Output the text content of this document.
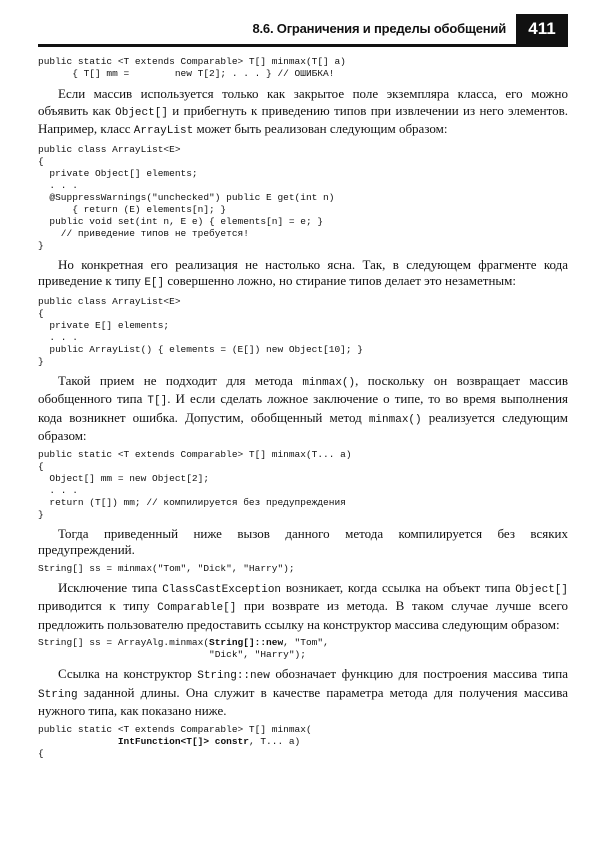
8.6. Ограничения и пределы обобщений	411
public static <T extends Comparable> T[] minmax(T[] a)
{ T[] mm =        new T[2]; . . . } // ОШИБКА!

Если массив используется только как закрытое поле экземпляра класса, его можно объявить как Object[] и прибегнуть к приведению типов при извлечении из него элементов. Например, класс ArrayList может быть реализован следующим образом:

public class ArrayList<E>
{
private Object[] elements;
. . .
@SuppressWarnings("unchecked") public E get(int n)
{ return (E) elements[n]; }
public void set(int n, E e) { elements[n] = e; }
// приведение типов не требуется!
}

Но конкретная его реализация не настолько ясна. Так, в следующем фрагменте кода приведение к типу E[] совершенно ложно, но стирание типов делает это незаметным:

public class ArrayList<E>
{
private E[] elements;
. . .
public ArrayList() { elements = (E[]) new Object[10]; }
}

Такой прием не подходит для метода minmax(), поскольку он возвращает массив обобщенного типа T[]. И если сделать ложное заключение о типе, то во время выполнения кода возникнет ошибка. Допустим, обобщенный метод minmax() реализуется следующим образом:

public static <T extends Comparable> T[] minmax(T... a)
{
Object[] mm = new Object[2];
. . .
return (T[]) mm; // компилируется без предупреждения
}

Тогда приведенный ниже вызов данного метода компилируется без всяких предупреждений.

String[] ss = minmax("Tom", "Dick", "Harry");

Исключение типа ClassCastException возникает, когда ссылка на объект типа Object[] приводится к типу Comparable[] при возврате из метода. В таком случае лучше всего предложить пользователю предоставить ссылку на конструктор массива следующим образом:

String[] ss = ArrayAlg.minmax(String[]::new, "Tom",
"Dick", "Harry");

Ссылка на конструктор String::new обозначает функцию для построения массива типа String заданной длины. Она служит в качестве параметра метода для получения массива нужного типа, как показано ниже.

public static <T extends Comparable> T[] minmax(
IntFunction<T[]> constr, T... a)
{
